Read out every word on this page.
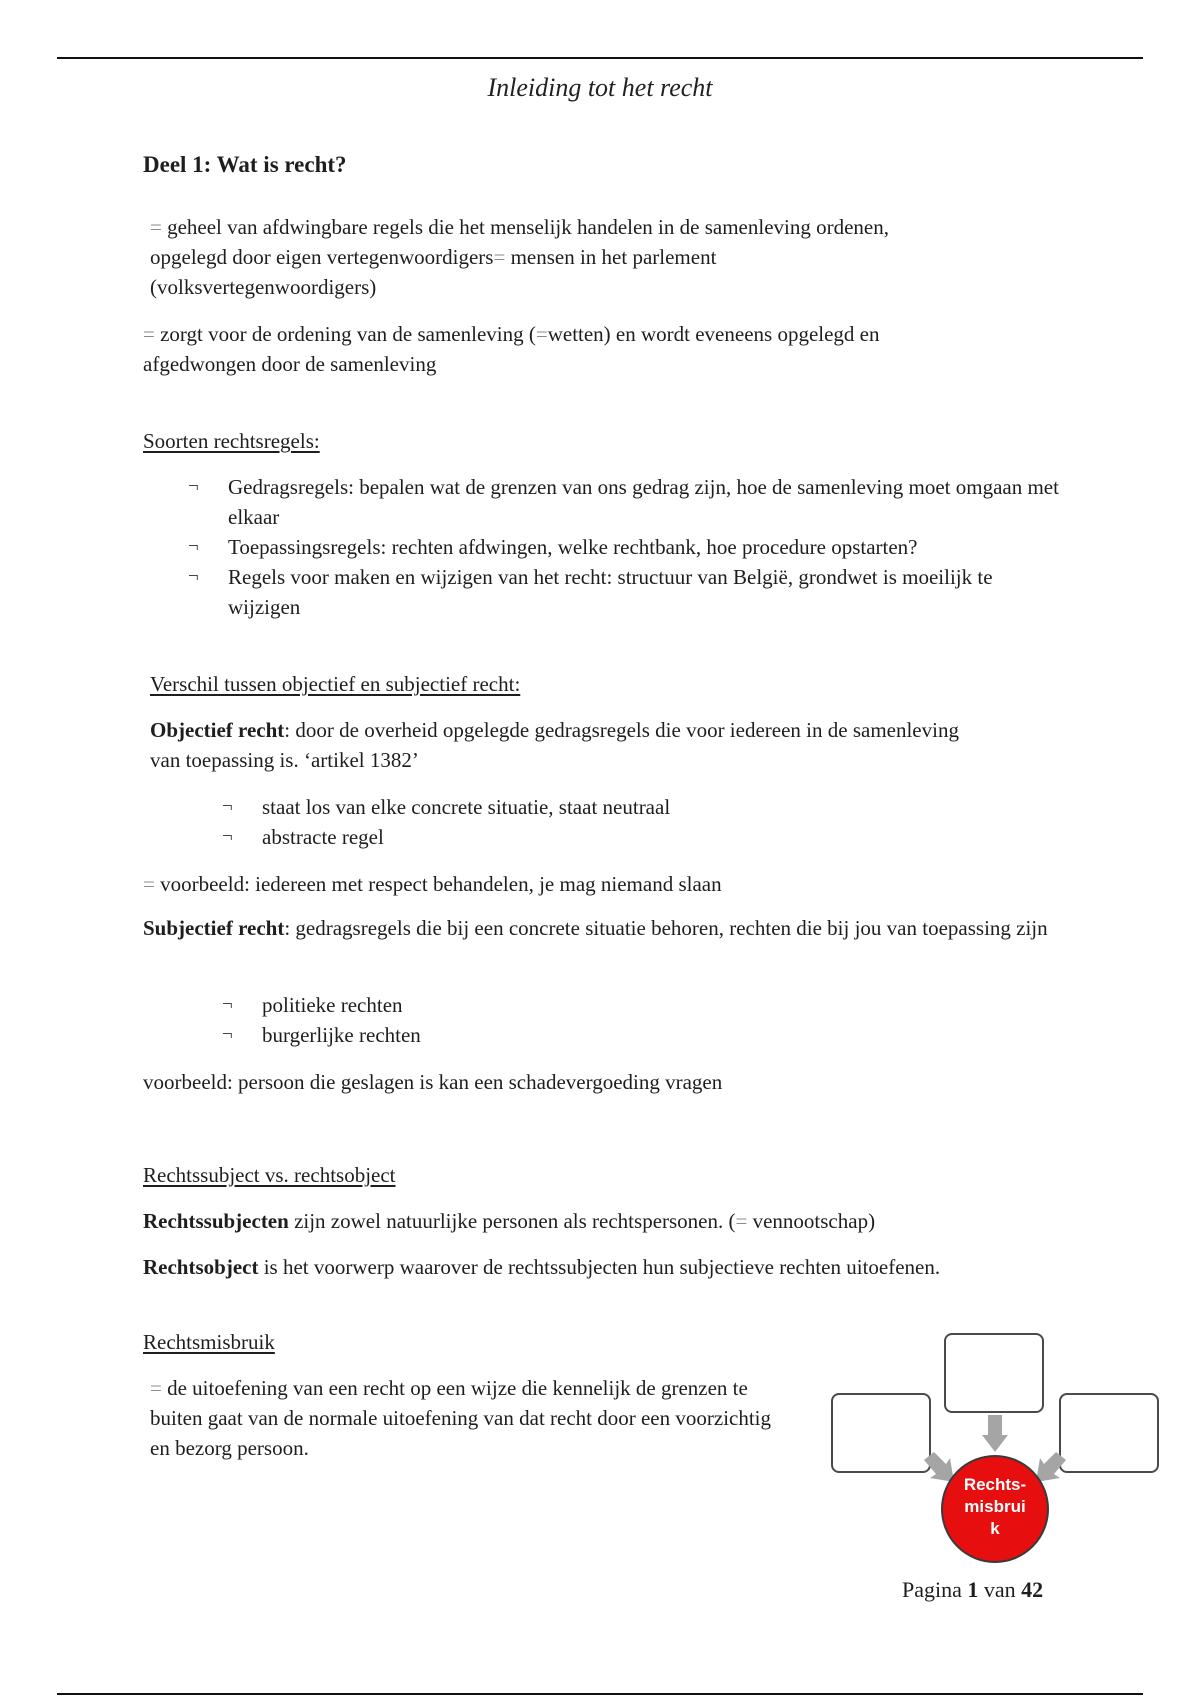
Inleiding tot het recht
Deel 1: Wat is recht?
= geheel van afdwingbare regels die het menselijk handelen in de samenleving ordenen,
opgelegd door eigen vertegenwoordigers= mensen in het parlement
(volksvertegenwoordigers)
= zorgt voor de ordening van de samenleving (=wetten) en wordt eveneens opgelegd en
afgedwongen door de samenleving
Soorten rechtsregels:
¬ Gedragsregels: bepalen wat de grenzen van ons gedrag zijn, hoe de samenleving moet omgaan met elkaar
¬ Toepassingsregels: rechten afdwingen, welke rechtbank, hoe procedure opstarten?
¬ Regels voor maken en wijzigen van het recht: structuur van België, grondwet is moeilijk te wijzigen
Verschil tussen objectief en subjectief recht:
Objectief recht: door de overheid opgelegde gedragsregels die voor iedereen in de samenleving van toepassing is. ‘artikel 1382’
¬ staat los van elke concrete situatie, staat neutraal
¬ abstracte regel
= voorbeeld: iedereen met respect behandelen, je mag niemand slaan
Subjectief recht: gedragsregels die bij een concrete situatie behoren, rechten die bij jou van toepassing zijn
¬ politieke rechten
¬ burgerlijke rechten
voorbeeld: persoon die geslagen is kan een schadevergoeding vragen
Rechtssubject vs. rechtsobject
Rechtssubjecten zijn zowel natuurlijke personen als rechtspersonen. (= vennootschap)
Rechtsobject is het voorwerp waarover de rechtssubjecten hun subjectieve rechten uitoefenen.
Rechtsmisbruik
= de uitoefening van een recht op een wijze die kennelijk de grenzen te buiten gaat van de normale uitoefening van dat recht door een voorzichtig en bezorg persoon.
Rechts-
misbrui
k
Pagina 1 van 42
